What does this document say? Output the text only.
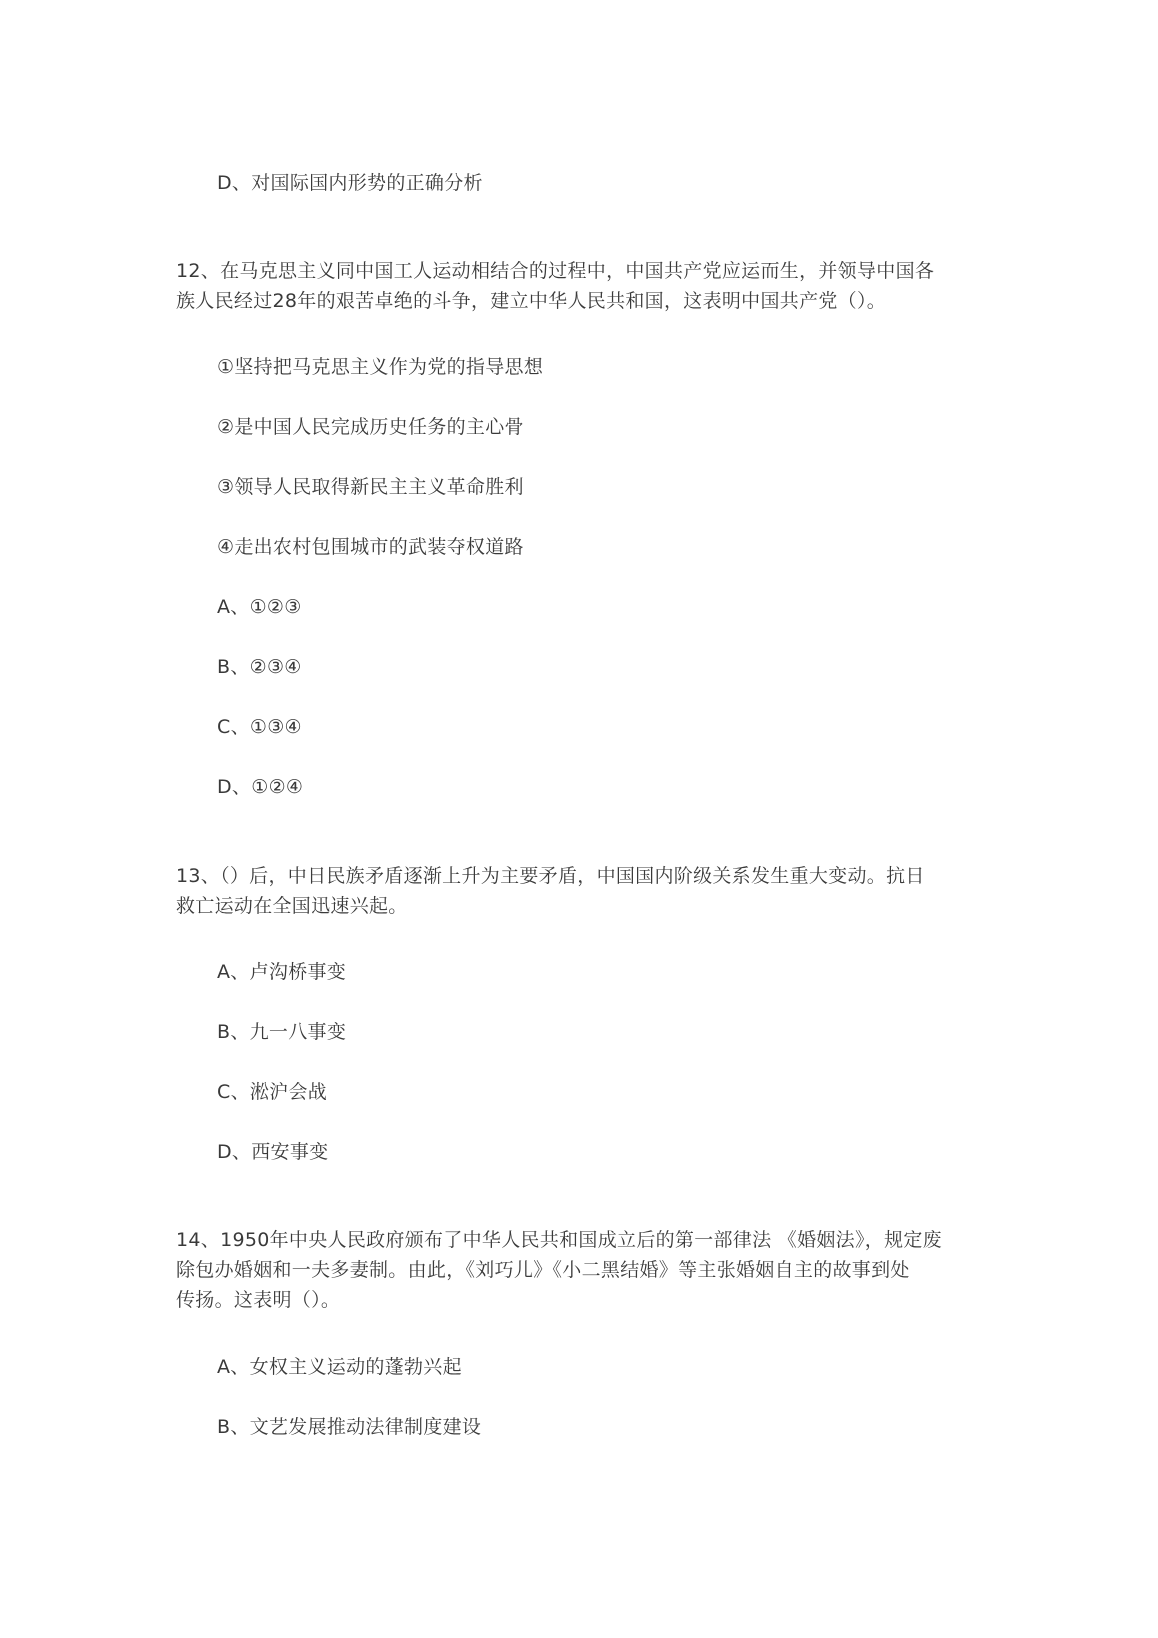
D、对国际国内形势的正确分析
12、在马克思主义同中国工人运动相结合的过程中，中国共产党应运而生，并领导中国各
族人民经过28年的艰苦卓绝的斗争，建立中华人民共和国，这表明中国共产党（）。
①坚持把马克思主义作为党的指导思想
②是中国人民完成历史任务的主心骨
③领导人民取得新民主主义革命胜利
④走出农村包围城市的武装夺权道路
A、①②③
B、②③④
C、①③④
D、①②④
13、（）后，中日民族矛盾逐渐上升为主要矛盾，中国国内阶级关系发生重大变动。抗日
救亡运动在全国迅速兴起。
A、卢沟桥事变
B、九一八事变
C、淞沪会战
D、西安事变
14、1950年中央人民政府颁布了中华人民共和国成立后的第一部律法 《婚姻法》，规定废
除包办婚姻和一夫多妻制。由此，《刘巧儿》《小二黑结婚》等主张婚姻自主的故事到处
传扬。这表明（）。
A、女权主义运动的蓬勃兴起
B、文艺发展推动法律制度建设
